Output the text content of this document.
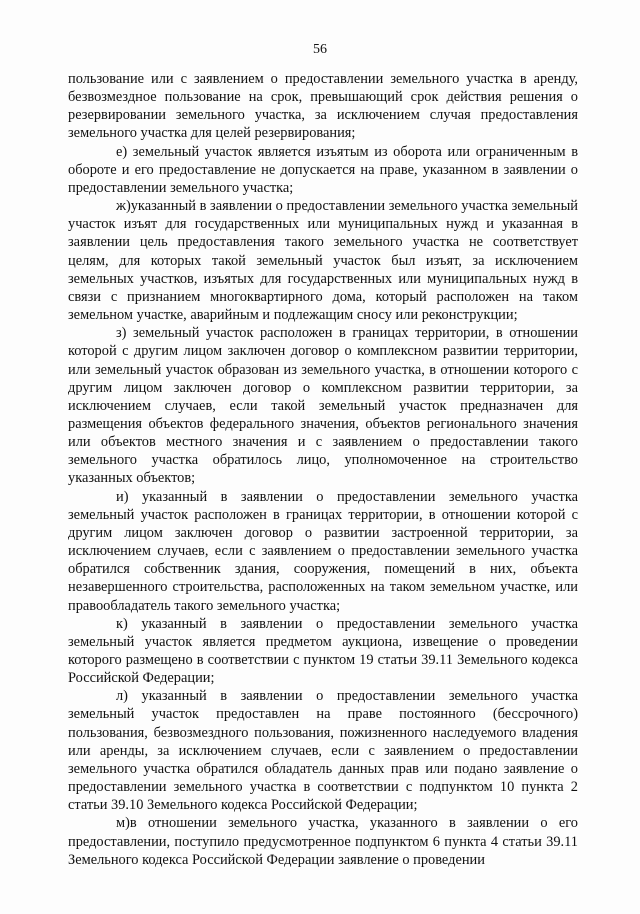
56

пользование или с заявлением о предоставлении земельного участка в аренду, безвозмездное пользование на срок, превышающий срок действия решения о резервировании земельного участка, за исключением случая предоставления земельного участка для целей резервирования;

е) земельный участок является изъятым из оборота или ограниченным в обороте и его предоставление не допускается на праве, указанном в заявлении о предоставлении земельного участка;

ж)указанный в заявлении о предоставлении земельного участка земельный участок изъят для государственных или муниципальных нужд и указанная в заявлении цель предоставления такого земельного участка не соответствует целям, для которых такой земельный участок был изъят, за исключением земельных участков, изъятых для государственных или муниципальных нужд в связи с признанием многоквартирного дома, который расположен на таком земельном участке, аварийным и подлежащим сносу или реконструкции;

з) земельный участок расположен в границах территории, в отношении которой с другим лицом заключен договор о комплексном развитии территории, или земельный участок образован из земельного участка, в отношении которого с другим лицом заключен договор о комплексном развитии территории, за исключением случаев, если такой земельный участок предназначен для размещения объектов федерального значения, объектов регионального значения или объектов местного значения и с заявлением о предоставлении такого земельного участка обратилось лицо, уполномоченное на строительство указанных объектов;

и) указанный в заявлении о предоставлении земельного участка земельный участок расположен в границах территории, в отношении которой с другим лицом заключен договор о развитии застроенной территории, за исключением случаев, если с заявлением о предоставлении земельного участка обратился собственник здания, сооружения, помещений в них, объекта незавершенного строительства, расположенных на таком земельном участке, или правообладатель такого земельного участка;

к) указанный в заявлении о предоставлении земельного участка земельный участок является предметом аукциона, извещение о проведении которого размещено в соответствии с пунктом 19 статьи 39.11 Земельного кодекса Российской Федерации;

л) указанный в заявлении о предоставлении земельного участка земельный участок предоставлен на праве постоянного (бессрочного) пользования, безвозмездного пользования, пожизненного наследуемого владения или аренды, за исключением случаев, если с заявлением о предоставлении земельного участка обратился обладатель данных прав или подано заявление о предоставлении земельного участка в соответствии с подпунктом 10 пункта 2 статьи 39.10 Земельного кодекса Российской Федерации;

м)в отношении земельного участка, указанного в заявлении о его предоставлении, поступило предусмотренное подпунктом 6 пункта 4 статьи 39.11 Земельного кодекса Российской Федерации заявление о проведении
